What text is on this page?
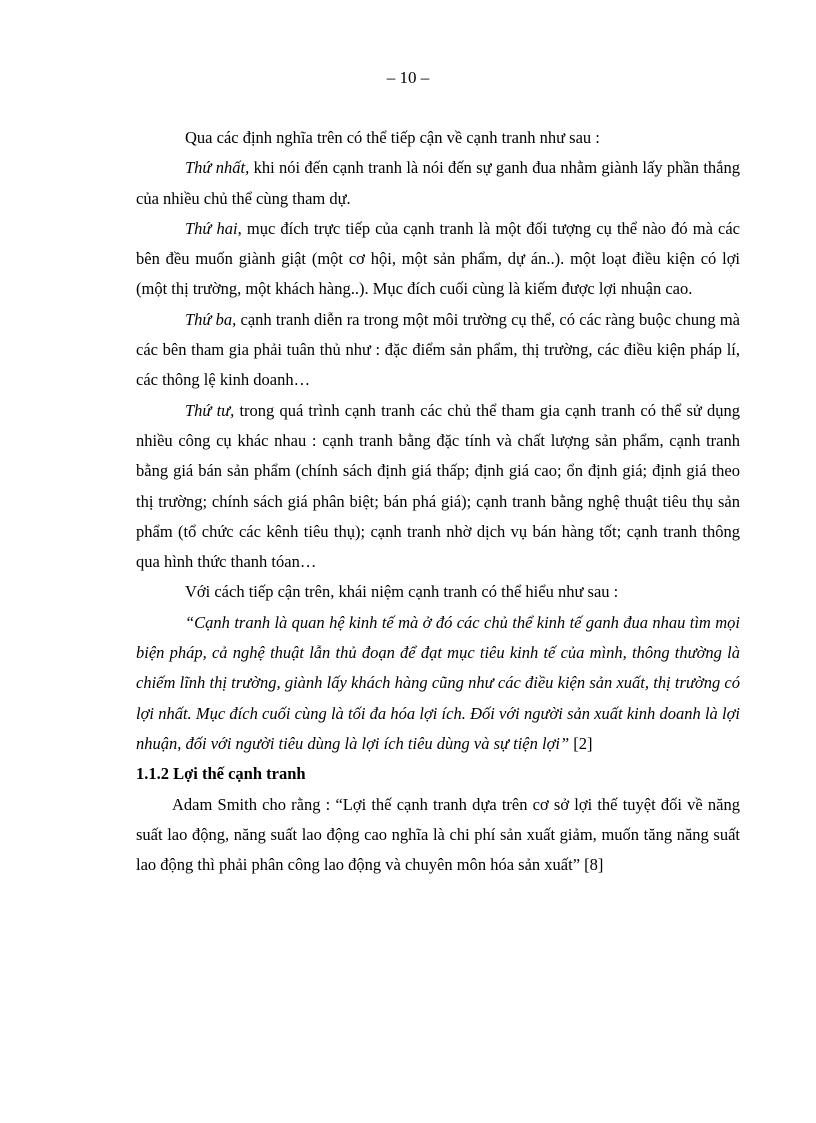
– 10 –

Qua các định nghĩa trên có thể tiếp cận về cạnh tranh như sau :

Thứ nhất, khi nói đến cạnh tranh là nói đến sự ganh đua nhằm giành lấy phần thắng của nhiều chủ thể cùng tham dự.

Thứ hai, mục đích trực tiếp của cạnh tranh là một đối tượng cụ thể nào đó mà các bên đều muốn giành giật (một cơ hội, một sản phẩm, dự án..). một loạt điều kiện có lợi (một thị trường, một khách hàng..). Mục đích cuối cùng là kiếm được lợi nhuận cao.

Thứ ba, cạnh tranh diễn ra trong một môi trường cụ thể, có các ràng buộc chung mà các bên tham gia phải tuân thủ như : đặc điểm sản phẩm, thị trường, các điều kiện pháp lí, các thông lệ kinh doanh…

Thứ tư, trong quá trình cạnh tranh các chủ thể tham gia cạnh tranh có thể sử dụng nhiều công cụ khác nhau : cạnh tranh bằng đặc tính và chất lượng sản phẩm, cạnh tranh bằng giá bán sản phẩm (chính sách định giá thấp; định giá cao; ổn định giá; định giá theo thị trường; chính sách giá phân biệt; bán phá giá); cạnh tranh bằng nghệ thuật tiêu thụ sản phẩm (tổ chức các kênh tiêu thụ); cạnh tranh nhờ dịch vụ bán hàng tốt; cạnh tranh thông qua hình thức thanh tóan…

Với cách tiếp cận trên, khái niệm cạnh tranh có thể hiểu như sau :

“Cạnh tranh là quan hệ kinh tế mà ở đó các chủ thể kinh tế ganh đua nhau tìm mọi biện pháp, cả nghệ thuật lẫn thủ đoạn để đạt mục tiêu kinh tế của mình, thông thường là chiếm lĩnh thị trường, giành lấy khách hàng cũng như các điều kiện sản xuất, thị trường có lợi nhất. Mục đích cuối cùng là tối đa hóa lợi ích. Đối với người sản xuất kinh doanh là lợi nhuận, đối với người tiêu dùng là lợi ích tiêu dùng và sự tiện lợi” [2]

1.1.2 Lợi thế cạnh tranh

Adam Smith cho rằng : “Lợi thế cạnh tranh dựa trên cơ sở lợi thế tuyệt đối về năng suất lao động, năng suất lao động cao nghĩa là chi phí sản xuất giảm, muốn tăng năng suất lao động thì phải phân công lao động và chuyên môn hóa sản xuất” [8]
